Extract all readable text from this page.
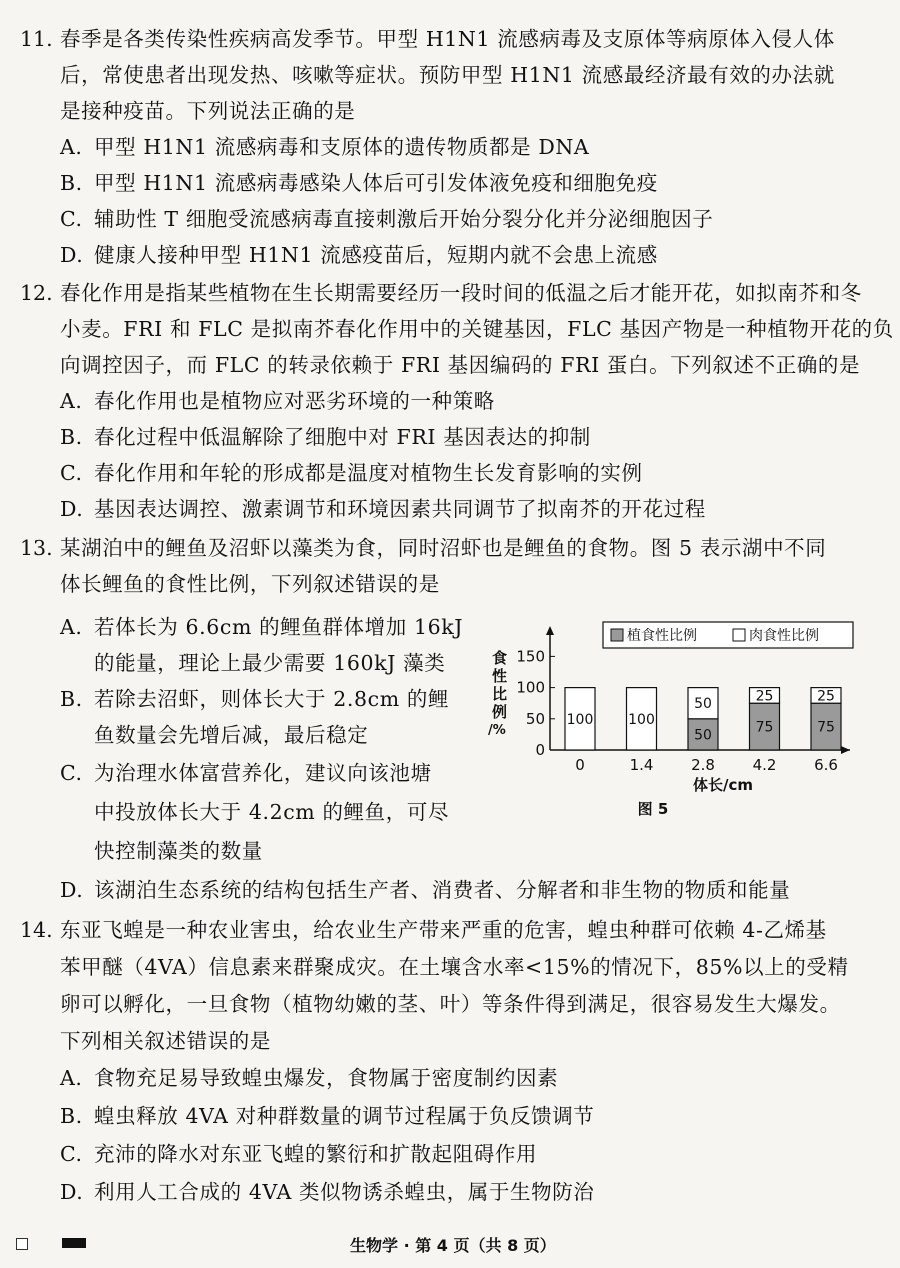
11. 春季是各类传染性疾病高发季节。甲型 H1N1 流感病毒及支原体等病原体入侵人体
后，常使患者出现发热、咳嗽等症状。预防甲型 H1N1 流感最经济最有效的办法就
是接种疫苗。下列说法正确的是
A. 甲型 H1N1 流感病毒和支原体的遗传物质都是 DNA
B. 甲型 H1N1 流感病毒感染人体后可引发体液免疫和细胞免疫
C. 辅助性 T 细胞受流感病毒直接刺激后开始分裂分化并分泌细胞因子
D. 健康人接种甲型 H1N1 流感疫苗后，短期内就不会患上流感
12. 春化作用是指某些植物在生长期需要经历一段时间的低温之后才能开花，如拟南芥和冬
小麦。FRI 和 FLC 是拟南芥春化作用中的关键基因，FLC 基因产物是一种植物开花的负
向调控因子，而 FLC 的转录依赖于 FRI 基因编码的 FRI 蛋白。下列叙述不正确的是
A. 春化作用也是植物应对恶劣环境的一种策略
B. 春化过程中低温解除了细胞中对 FRI 基因表达的抑制
C. 春化作用和年轮的形成都是温度对植物生长发育影响的实例
D. 基因表达调控、激素调节和环境因素共同调节了拟南芥的开花过程
13. 某湖泊中的鲤鱼及沼虾以藻类为食，同时沼虾也是鲤鱼的食物。图 5 表示湖中不同
体长鲤鱼的食性比例，下列叙述错误的是
A. 若体长为 6.6cm 的鲤鱼群体增加 16kJ
的能量，理论上最少需要 160kJ 藻类
B. 若除去沼虾，则体长大于 2.8cm 的鲤
鱼数量会先增后减，最后稳定
C. 为治理水体富营养化，建议向该池塘
中投放体长大于 4.2cm 的鲤鱼，可尽
快控制藻类的数量
D. 该湖泊生态系统的结构包括生产者、消费者、分解者和非生物的物质和能量
0
50
100
150
100
0
100
1.4
50
50
2.8
25
75
4.2
25
75
6.6
体长/cm
图 5
植食性比例	肉食性比例
食
性
比
例
/%
14. 东亚飞蝗是一种农业害虫，给农业生产带来严重的危害，蝗虫种群可依赖 4-乙烯基
苯甲醚（4VA）信息素来群聚成灾。在土壤含水率<15%的情况下，85%以上的受精
卵可以孵化，一旦食物（植物幼嫩的茎、叶）等条件得到满足，很容易发生大爆发。
下列相关叙述错误的是
A. 食物充足易导致蝗虫爆发，食物属于密度制约因素
B. 蝗虫释放 4VA 对种群数量的调节过程属于负反馈调节
C. 充沛的降水对东亚飞蝗的繁衍和扩散起阻碍作用
D. 利用人工合成的 4VA 类似物诱杀蝗虫，属于生物防治
生物学 · 第 4 页（共 8 页）
